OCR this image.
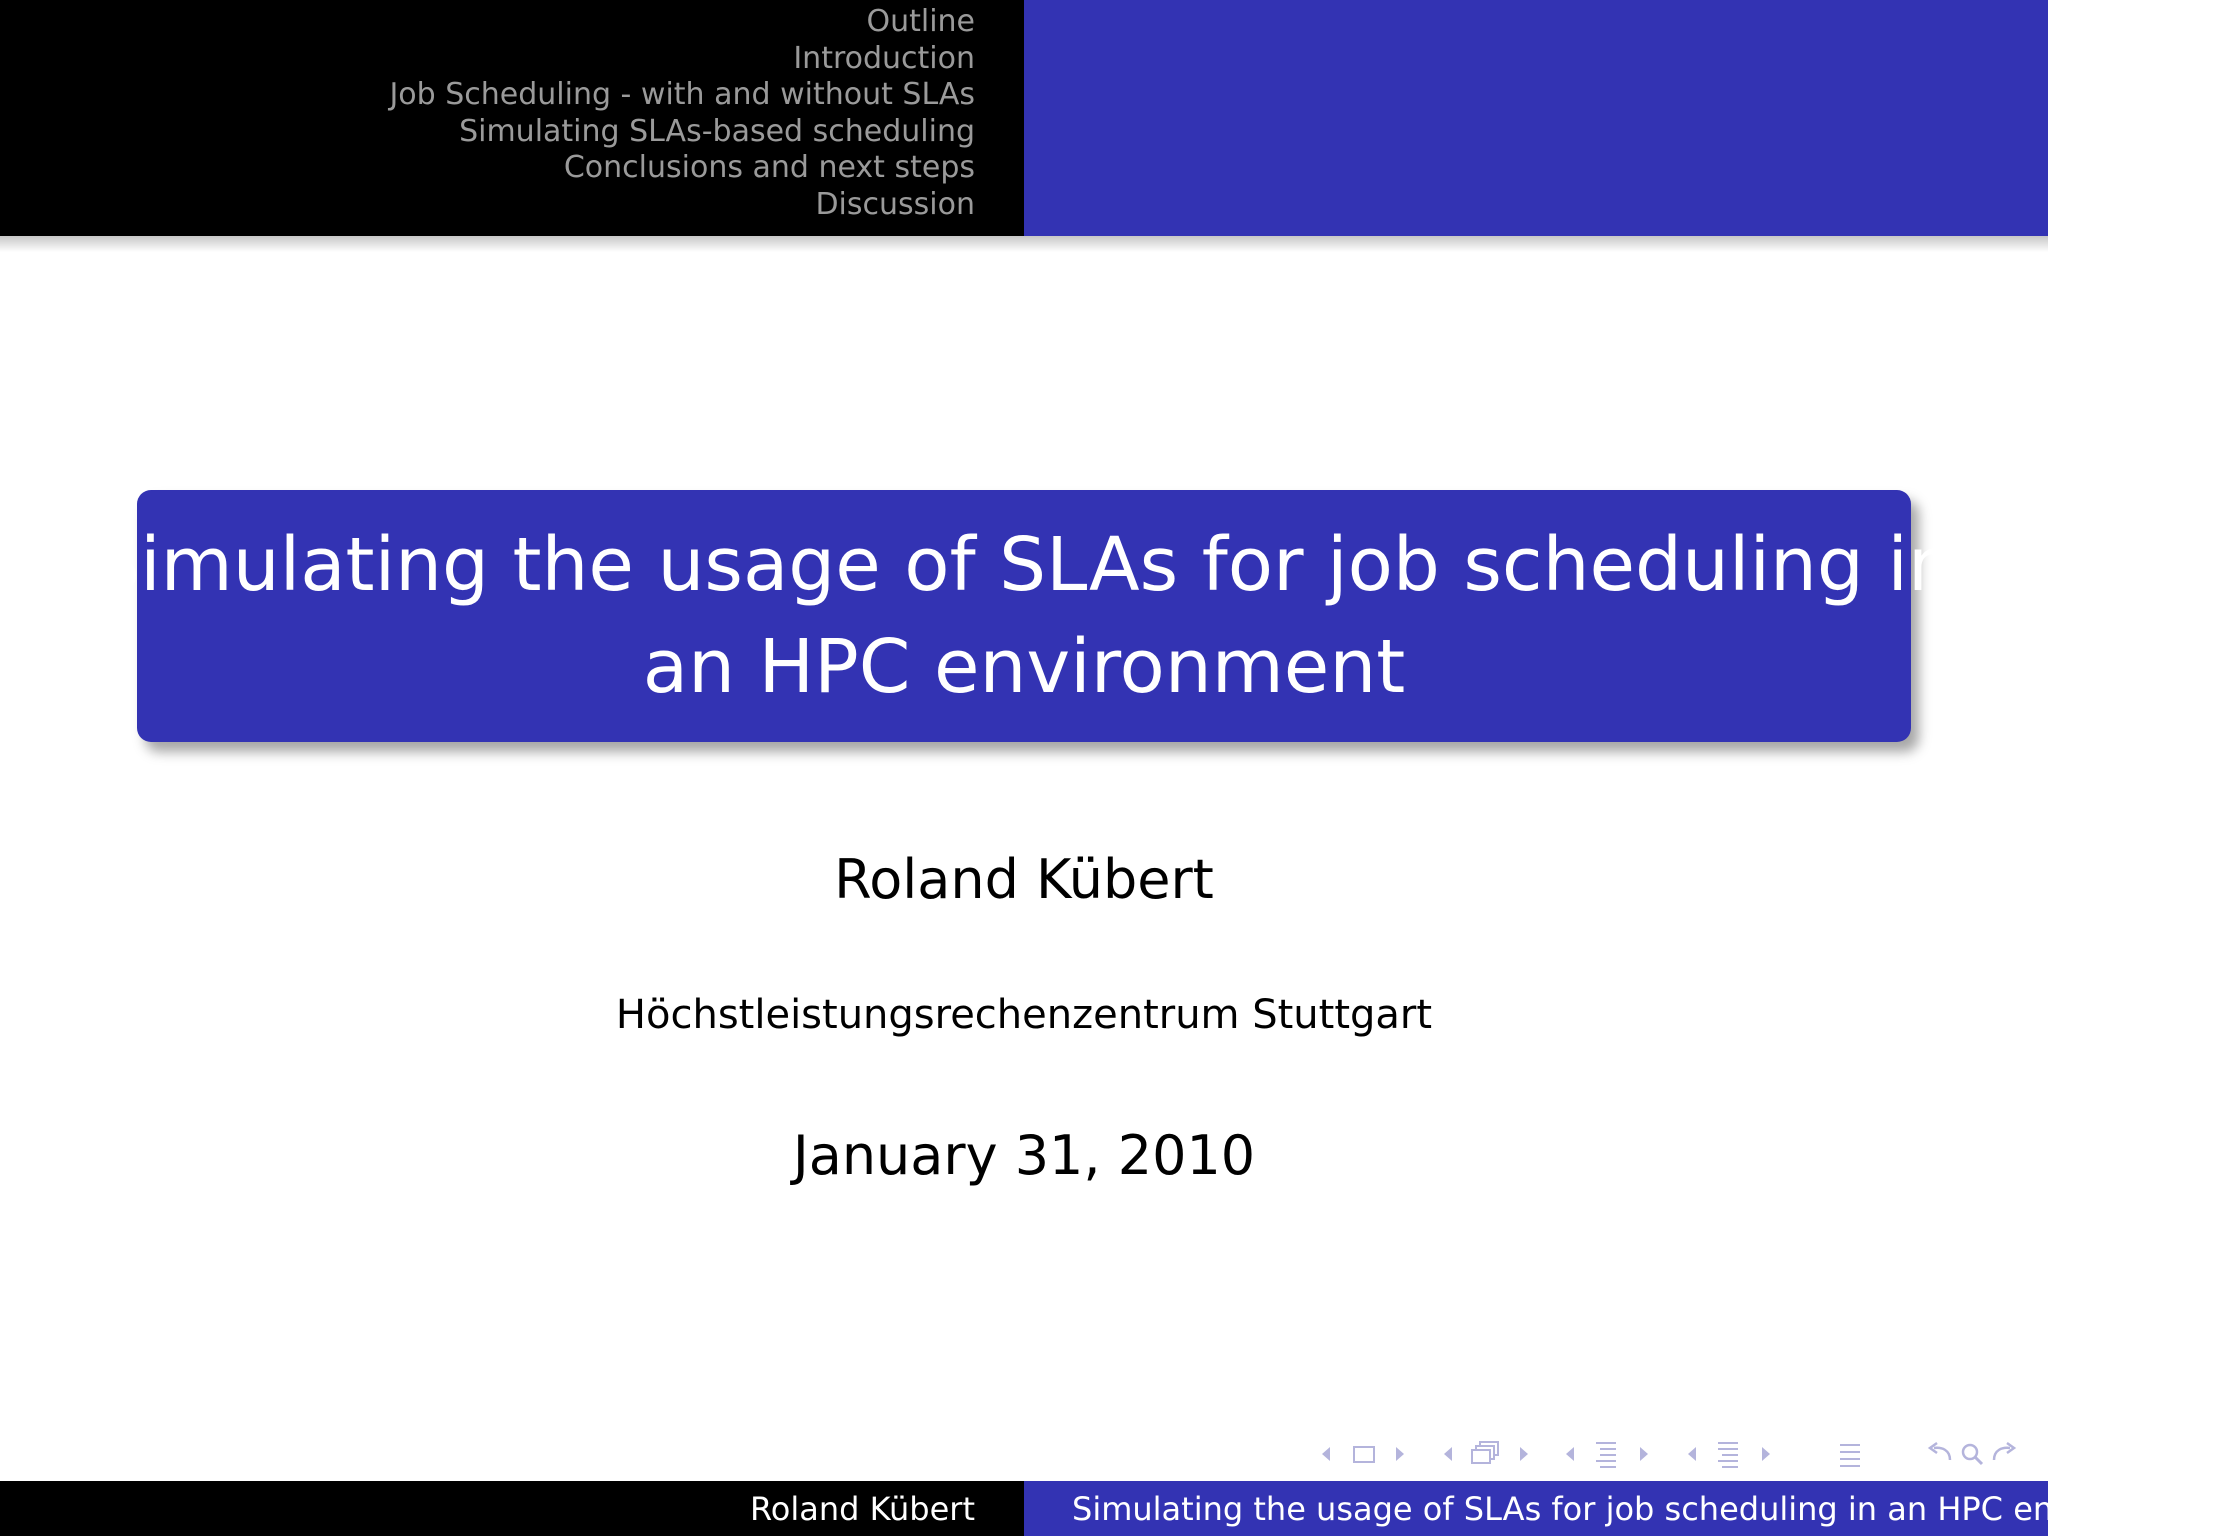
Outline
Introduction
Job Scheduling - with and without SLAs
Simulating SLAs-based scheduling
Conclusions and next steps
Discussion
Simulating the usage of SLAs for job scheduling in
an HPC environment
Roland Kübert
Höchstleistungsrechenzentrum Stuttgart
January 31, 2010
Roland Kübert	Simulating the usage of SLAs for job scheduling in an HPC environment
